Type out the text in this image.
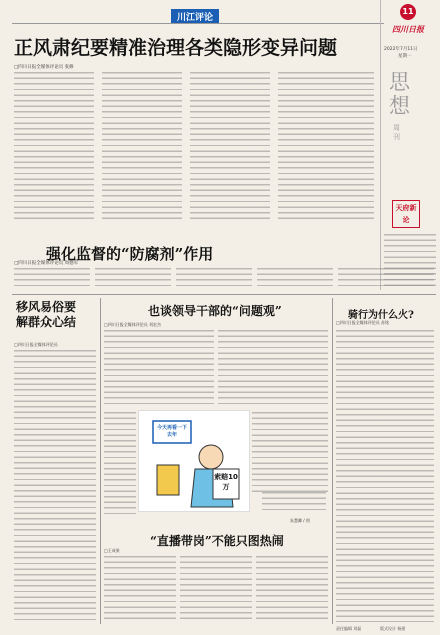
川江评论
正风肃纪要精准治理各类隐形变异问题
□四川日报全媒体评论员 张修
11
四川日报
2022年7月11日
星期一
思想
周刊
天府新论
强化监督的“防腐剂”作用
□四川日报全媒体评论员 周德军
移风易俗要解群众心结
□四川日报全媒体评论员
也谈领导干部的“问题观”
□四川日报全媒体评论员 刘宏杰
今天再看一下去年
索赔10万
朱慧卿 / 图
骑行为什么火?
□四川日报全媒体评论员 苏铭
“直播带岗”不能只图热闹
□王成果
责任编辑 刘磊	版式设计 杨建
